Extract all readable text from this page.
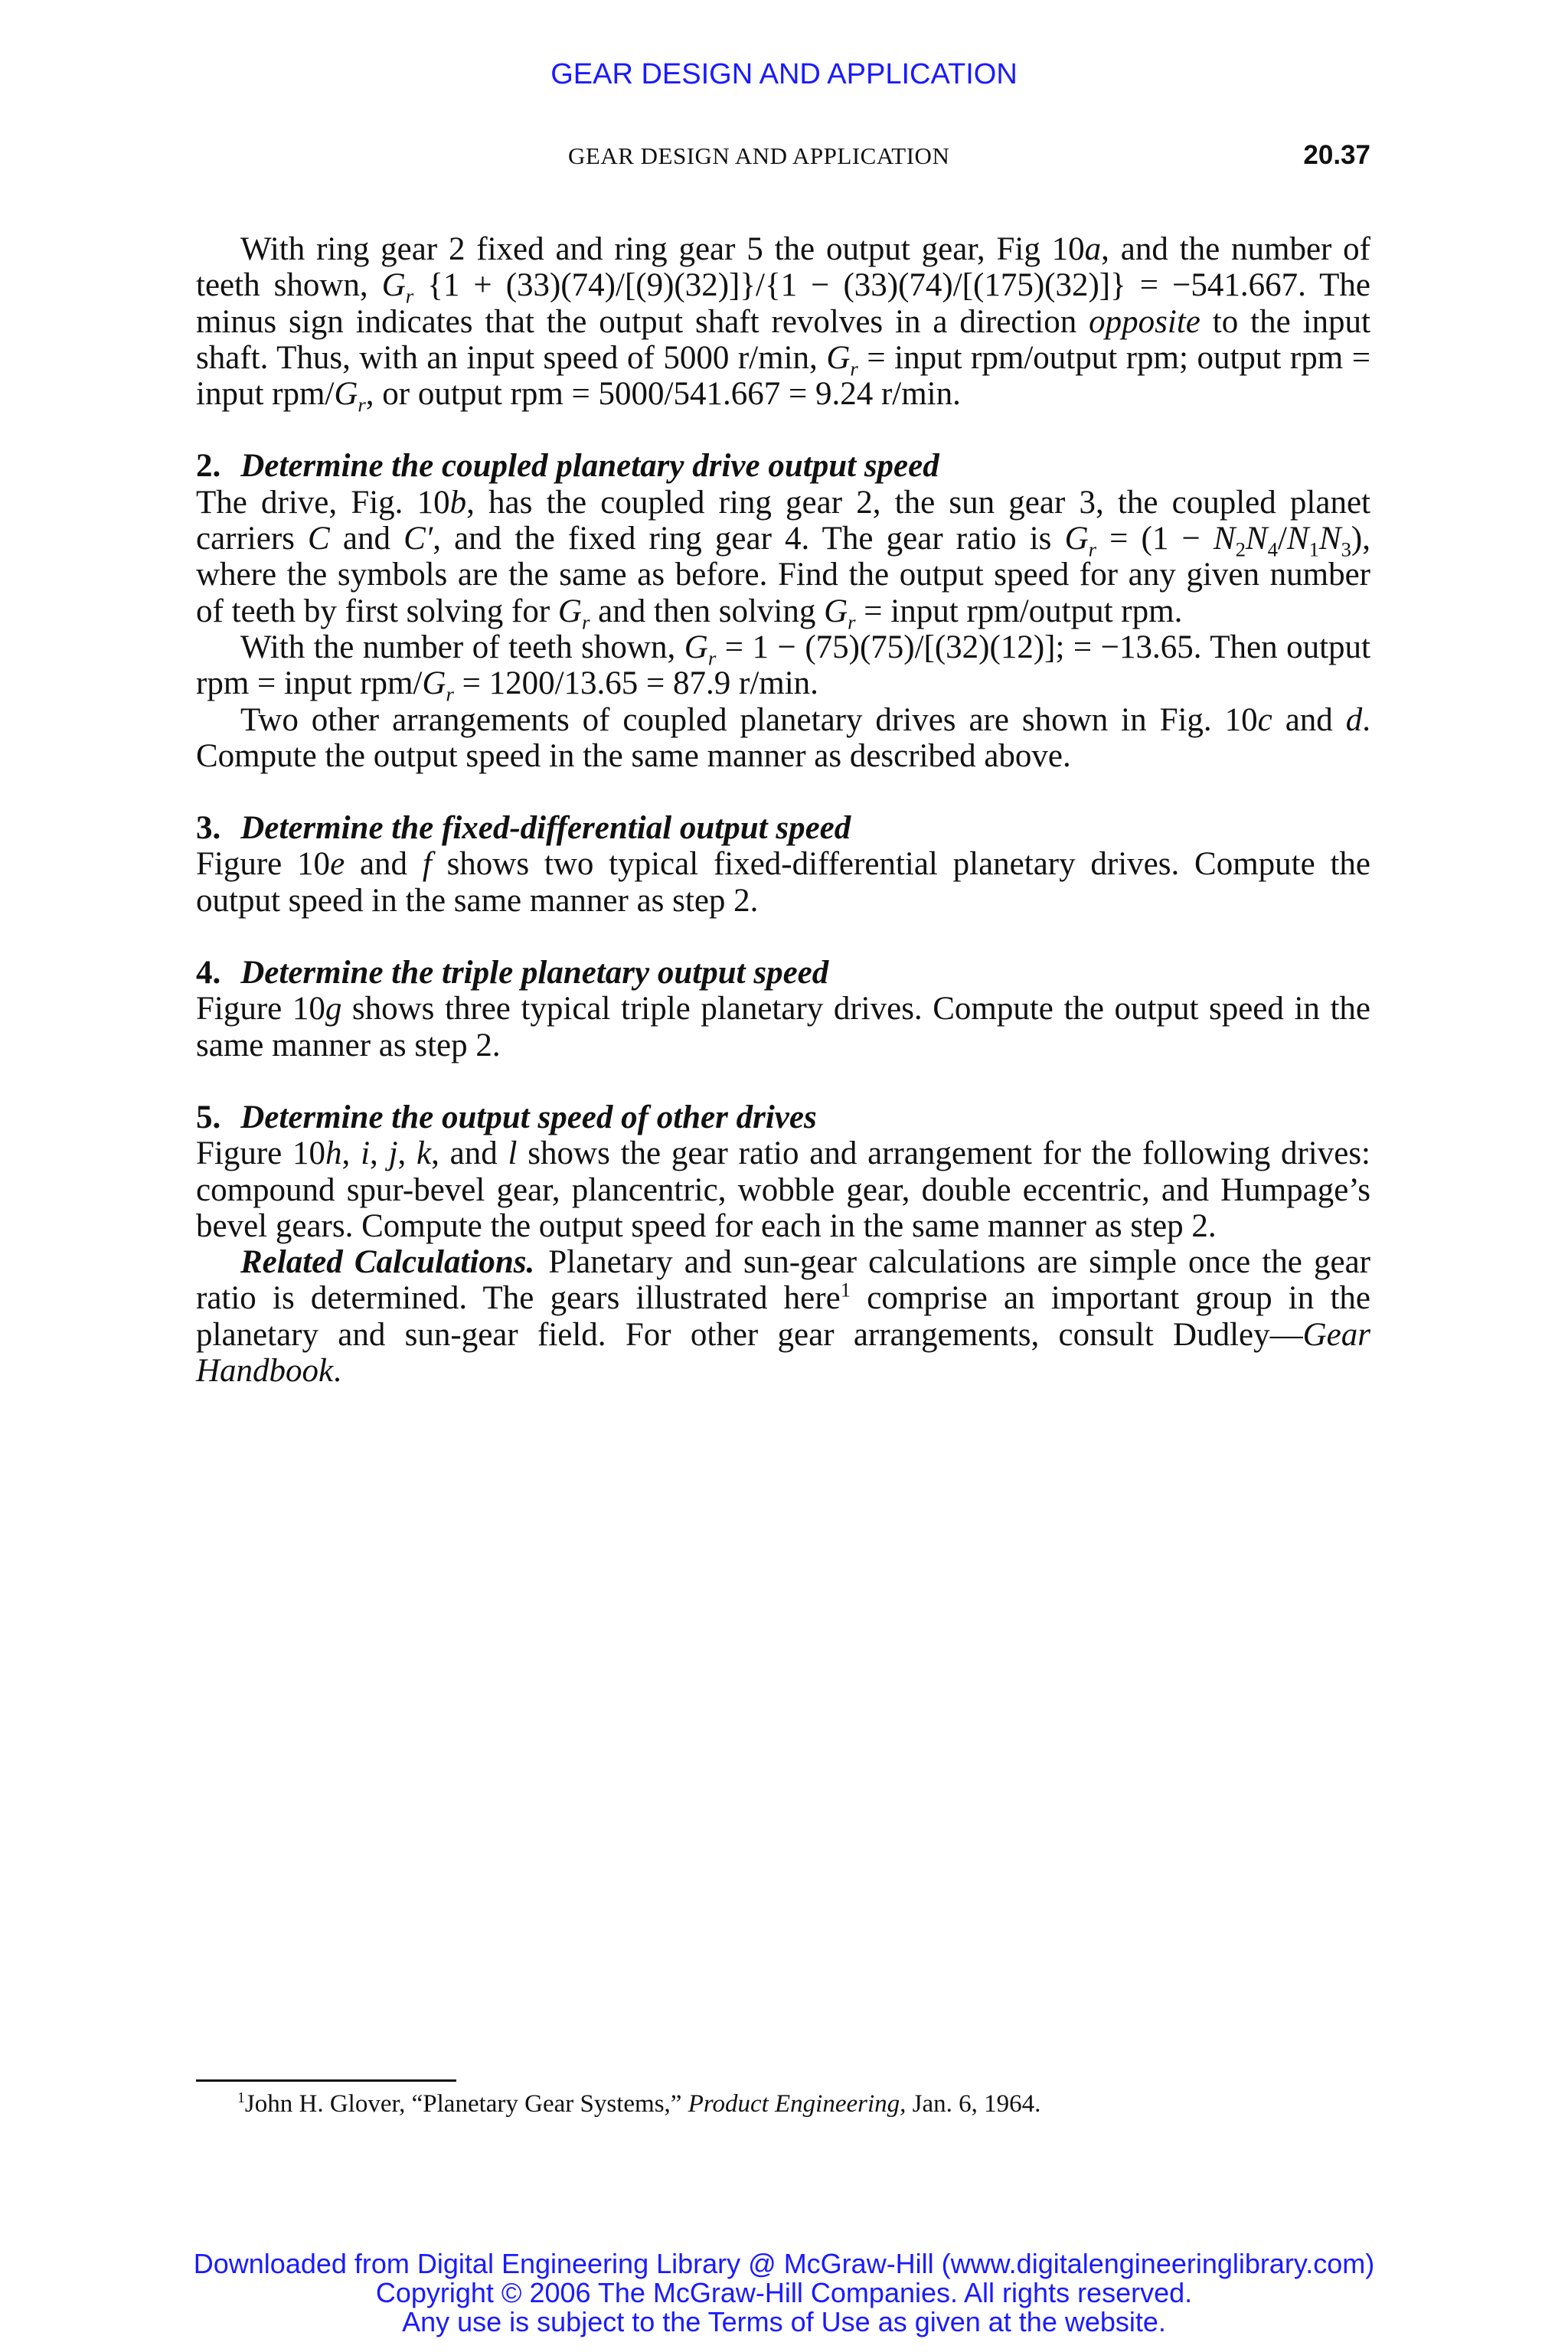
GEAR DESIGN AND APPLICATION
GEAR DESIGN AND APPLICATION	20.37

With ring gear 2 fixed and ring gear 5 the output gear, Fig 10a, and the number of teeth shown, $G_r$ {1 + (33)(74)/[(9)(32)]}/{1 − (33)(74)/[(175)(32)]} = −541.667. The minus sign indicates that the output shaft revolves in a direction opposite to the input shaft. Thus, with an input speed of 5000 r/min, $G_r$ = input rpm/output rpm; output rpm = input rpm/$G_r$, or output rpm = 5000/541.667 = 9.24 r/min.

2. Determine the coupled planetary drive output speed

The drive, Fig. 10b, has the coupled ring gear 2, the sun gear 3, the coupled planet carriers C and C′, and the fixed ring gear 4. The gear ratio is $G_r = (1 - N_2N_4/N_1N_3)$, where the symbols are the same as before. Find the output speed for any given number of teeth by first solving for $G_r$ and then solving $G_r$ = input rpm/output rpm.

With the number of teeth shown, $G_r = 1 - (75)(75)/[(32)(12)]$; = −13.65. Then output rpm = input rpm/$G_r = 1200/13.65 = 87.9$ r/min.

Two other arrangements of coupled planetary drives are shown in Fig. 10c and d. Compute the output speed in the same manner as described above.

3. Determine the fixed-differential output speed

Figure 10e and f shows two typical fixed-differential planetary drives. Compute the output speed in the same manner as step 2.

4. Determine the triple planetary output speed

Figure 10g shows three typical triple planetary drives. Compute the output speed in the same manner as step 2.

5. Determine the output speed of other drives

Figure 10h, i, j, k, and l shows the gear ratio and arrangement for the following drives: compound spur-bevel gear, plancentric, wobble gear, double eccentric, and Humpage’s bevel gears. Compute the output speed for each in the same manner as step 2.

Related Calculations. Planetary and sun-gear calculations are simple once the gear ratio is determined. The gears illustrated here$^1$ comprise an important group in the planetary and sun-gear field. For other gear arrangements, consult Dudley—Gear Handbook.

$^1$John H. Glover, “Planetary Gear Systems,” Product Engineering, Jan. 6, 1964.
Downloaded from Digital Engineering Library @ McGraw-Hill (www.digitalengineeringlibrary.com)
Copyright © 2006 The McGraw-Hill Companies. All rights reserved.
Any use is subject to the Terms of Use as given at the website.
